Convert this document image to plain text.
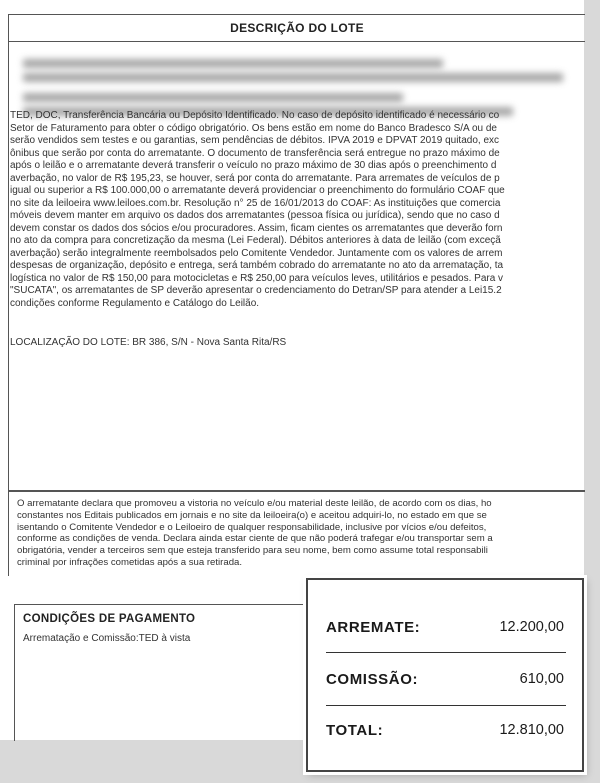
DESCRIÇÃO DO LOTE
TED, DOC, Transferência Bancária ou Depósito Identificado. No caso de depósito identificado é necessário co
Setor de Faturamento para obter o código obrigatório. Os bens estão em nome do Banco Bradesco S/A ou de
serão vendidos sem testes e ou garantias, sem pendências de débitos. IPVA 2019 e DPVAT 2019 quitado, exc
ônibus que serão por conta do arrematante. O documento de transferência será entregue no prazo máximo de
após o leilão e o arrematante deverá transferir o veículo no prazo máximo de 30 dias após o preenchimento d
averbação, no valor de R$ 195,23, se houver, será por conta do arrematante. Para arremates de veículos de p
igual ou superior a R$ 100.000,00 o arrematante deverá providenciar o preenchimento do formulário COAF que
no site da leiloeira www.leiloes.com.br. Resolução n° 25 de 16/01/2013 do COAF: As instituições que comercia
móveis devem manter em arquivo os dados dos arrematantes (pessoa física ou jurídica), sendo que no caso d
devem constar os dados dos sócios e/ou procuradores. Assim, ficam cientes os arrematantes que deverão forn
no ato da compra para concretização da mesma (Lei Federal). Débitos anteriores à data de leilão (com exceçã
averbação) serão integralmente reembolsados pelo Comitente Vendedor. Juntamente com os valores de arrem
despesas de organização, depósito e entrega, será também cobrado do arrematante no ato da arrematação, ta
logística no valor de R$ 150,00 para motocicletas e R$ 250,00 para veículos leves, utilitários e pesados. Para v
"SUCATA", os arrematantes de SP deverão apresentar o credenciamento do Detran/SP para atender a Lei15.2
condições conforme Regulamento e Catálogo do Leilão.
LOCALIZAÇÃO DO LOTE: BR 386, S/N - Nova Santa Rita/RS
O arrematante declara que promoveu a vistoria no veículo e/ou material deste leilão, de acordo com os dias, ho
constantes nos Editais publicados em jornais e no site da leiloeira(o) e aceitou adquiri-lo, no estado em que se
isentando o Comitente Vendedor e o Leiloeiro de qualquer responsabilidade, inclusive por vícios e/ou defeitos,
conforme as condições de venda. Declara ainda estar ciente de que não poderá trafegar e/ou transportar sem a
obrigatória, vender a terceiros sem que esteja transferido para seu nome, bem como assume total responsabili
criminal por infrações cometidas após a sua retirada.
CONDIÇÕES DE PAGAMENTO
Arrematação e Comissão:TED à vista
ARREMATE:	12.200,00
COMISSÃO:	610,00
TOTAL:	12.810,00
